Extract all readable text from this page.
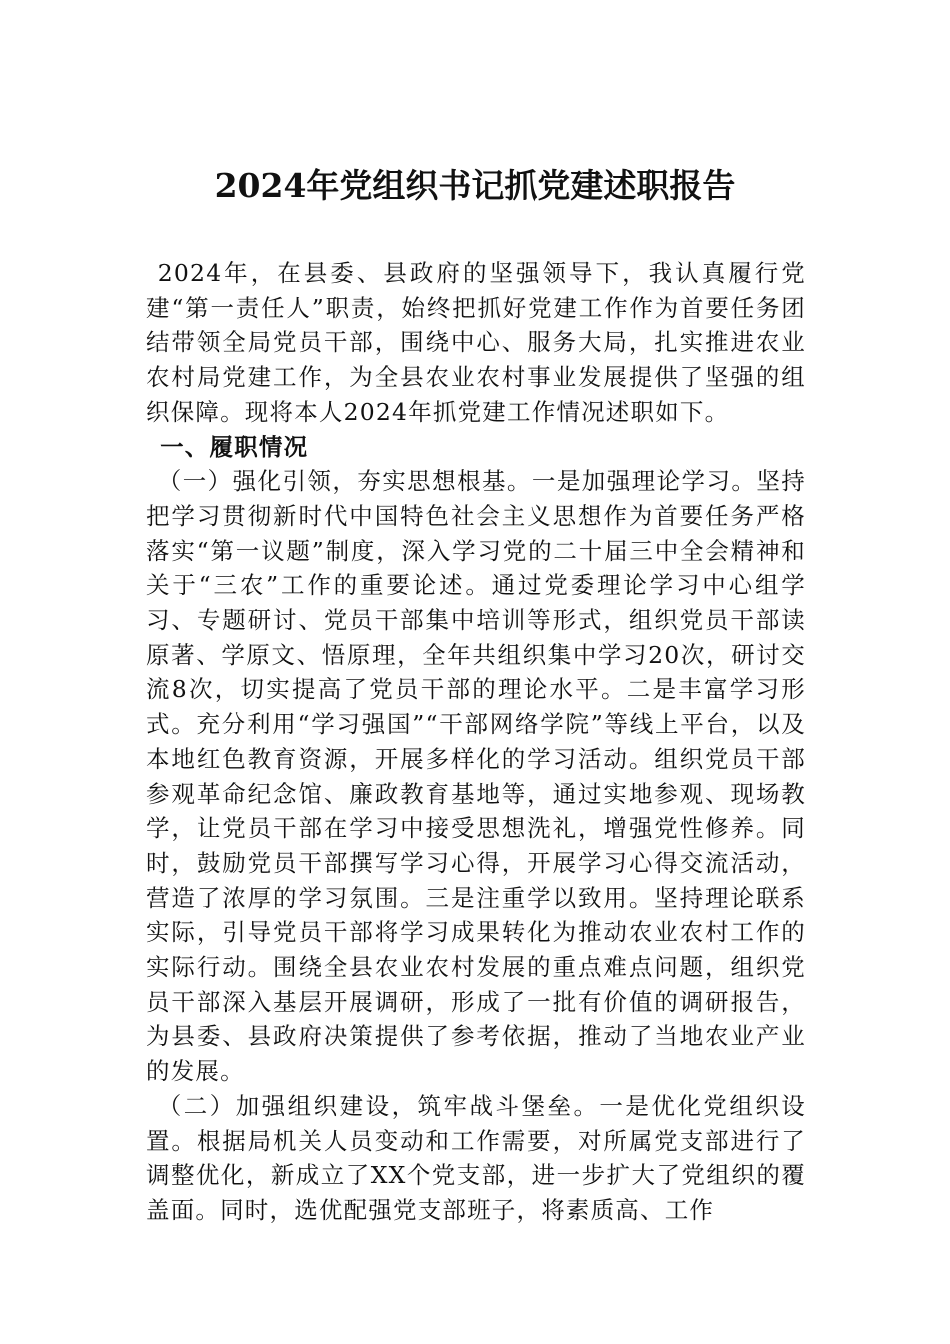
2024年党组织书记抓党建述职报告

2024年，在县委、县政府的坚强领导下，我认真履行党建“第一责任人”职责，始终把抓好党建工作作为首要任务团结带领全局党员干部，围绕中心、服务大局，扎实推进农业农村局党建工作，为全县农业农村事业发展提供了坚强的组织保障。现将本人2024年抓党建工作情况述职如下。

一、履职情况

（一）强化引领，夯实思想根基。一是加强理论学习。坚持把学习贯彻新时代中国特色社会主义思想作为首要任务严格落实“第一议题”制度，深入学习党的二十届三中全会精神和关于“三农”工作的重要论述。通过党委理论学习中心组学习、专题研讨、党员干部集中培训等形式，组织党员干部读原著、学原文、悟原理，全年共组织集中学习20次，研讨交流8次，切实提高了党员干部的理论水平。二是丰富学习形式。充分利用“学习强国”“干部网络学院”等线上平台，以及本地红色教育资源，开展多样化的学习活动。组织党员干部参观革命纪念馆、廉政教育基地等，通过实地参观、现场教学，让党员干部在学习中接受思想洗礼，增强党性修养。同时，鼓励党员干部撰写学习心得，开展学习心得交流活动，营造了浓厚的学习氛围。三是注重学以致用。坚持理论联系实际，引导党员干部将学习成果转化为推动农业农村工作的实际行动。围绕全县农业农村发展的重点难点问题，组织党员干部深入基层开展调研，形成了一批有价值的调研报告，为县委、县政府决策提供了参考依据，推动了当地农业产业的发展。

（二）加强组织建设，筑牢战斗堡垒。一是优化党组织设置。根据局机关人员变动和工作需要，对所属党支部进行了调整优化，新成立了XX个党支部，进一步扩大了党组织的覆盖面。同时，选优配强党支部班子，将素质高、工作
